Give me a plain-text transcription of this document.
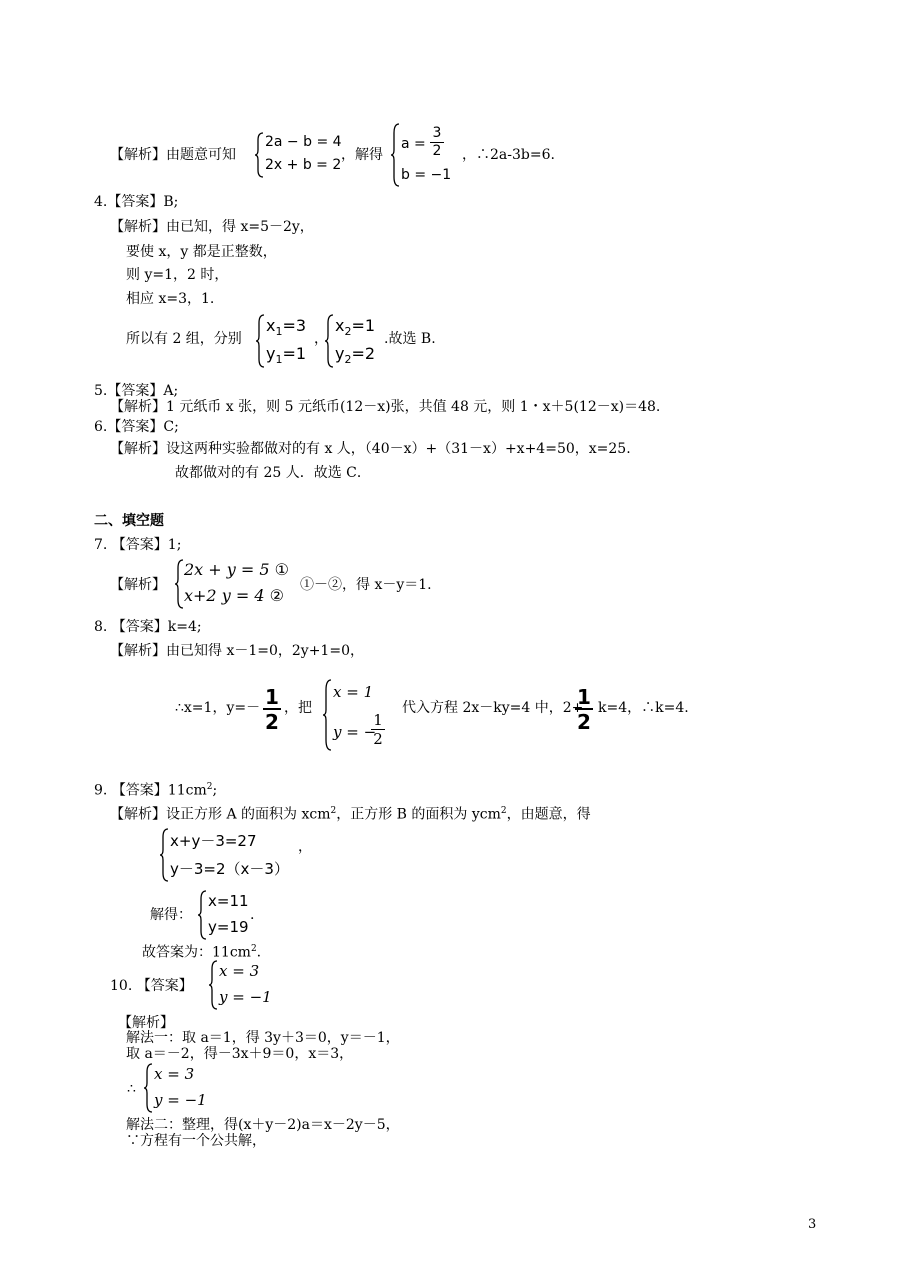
【解析】由题意可知
2a − b = 4
2x + b = 2
，解得
a =
3
2
b = −1
，∴2a-3b=6.
4.【答案】B;
【解析】由已知，得 x=5－2y，
要使 x，y 都是正整数，
则 y=1，2 时，
相应 x=3，1.
所以有 2 组，分别
$x_1=3$
$y_1=1$
，
$x_2=1$
$y_2=2$
.故选 B.
5.【答案】A;
【解析】1 元纸币 x 张，则 5 元纸币(12－x)张，共值 48 元，则 1・x＋5(12－x)＝48.
6.【答案】C;
【解析】设这两种实验都做对的有 x 人，（40－x）+（31－x）+x+4=50，x=25.
故都做对的有 25 人．故选 C．
二、填空题
7. 【答案】1;
【解析】
2x + y = 5 ①
x+2 y = 4 ②
①－②，得 x－y＝1.
8. 【答案】k=4;
【解析】由已知得 x－1=0，2y+1=0，
∴x=1，y=－ 1
2
，把
x = 1
y = −
1
2
代入方程 2x－ky=4 中，2+
1
2
k=4，∴k=4.
9. 【答案】$11cm^2$;
【解析】设正方形 A 的面积为 xcm$^2$，正方形 B 的面积为 ycm$^2$，由题意，得
x+y－3=27
y－3=2（x－3）
，
解得：
x=11
y=19
.
故答案为：$11cm^2$.
10. 【答案】
x = 3
y = −1
【解析】
解法一：取 a＝1，得 3y＋3＝0，y＝－1，
取 a＝－2，得－3x＋9＝0，x＝3，
∴
x = 3
y = −1
解法二：整理，得(x＋y－2)a＝x－2y－5，
∵方程有一个公共解，
3
